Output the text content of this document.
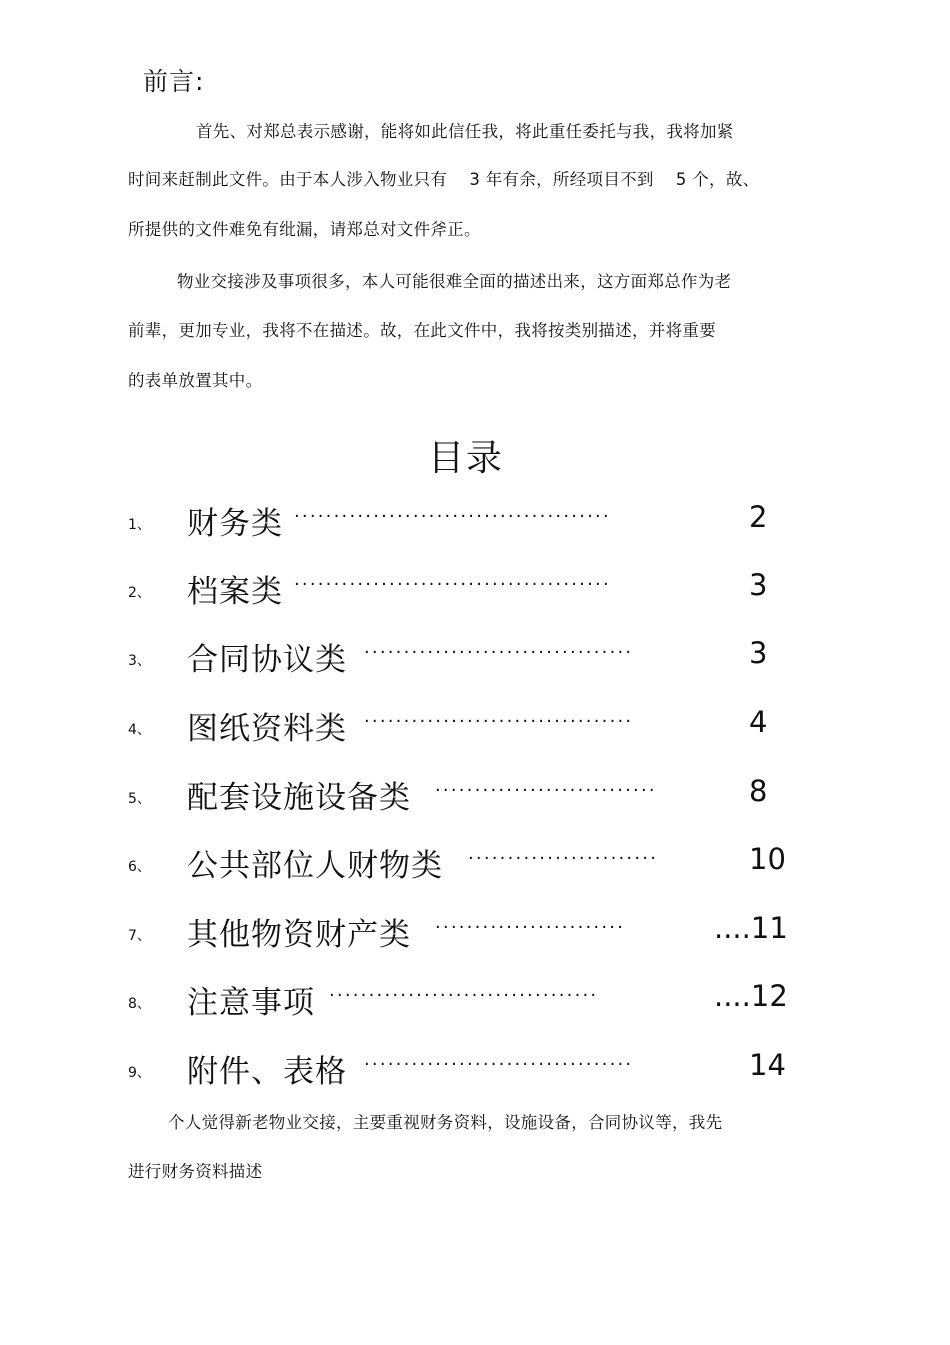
前言:
首先、对郑总表示感谢，能将如此信任我，将此重任委托与我，我将加紧
时间来赶制此文件。由于本人涉入物业只有    3 年有余，所经项目不到    5 个，故、
所提供的文件难免有纰漏，请郑总对文件斧正。
物业交接涉及事项很多，本人可能很难全面的描述出来，这方面郑总作为老
前辈，更加专业，我将不在描述。故，在此文件中，我将按类别描述，并将重要
的表单放置其中。
目录
1、 财务类 ········································	2
2、 档案类 ········································	3
3、 合同协议类 ··································	3
4、 图纸资料类 ··································	4
5、 配套设施设备类 ····························	8
6、 公共部位人财物类 ························	10
7、 其他物资财产类 ························	....11
8、 注意事项 ··································	....12
9、 附件、表格 ··································	14
个人觉得新老物业交接，主要重视财务资料，设施设备，合同协议等，我先
进行财务资料描述
